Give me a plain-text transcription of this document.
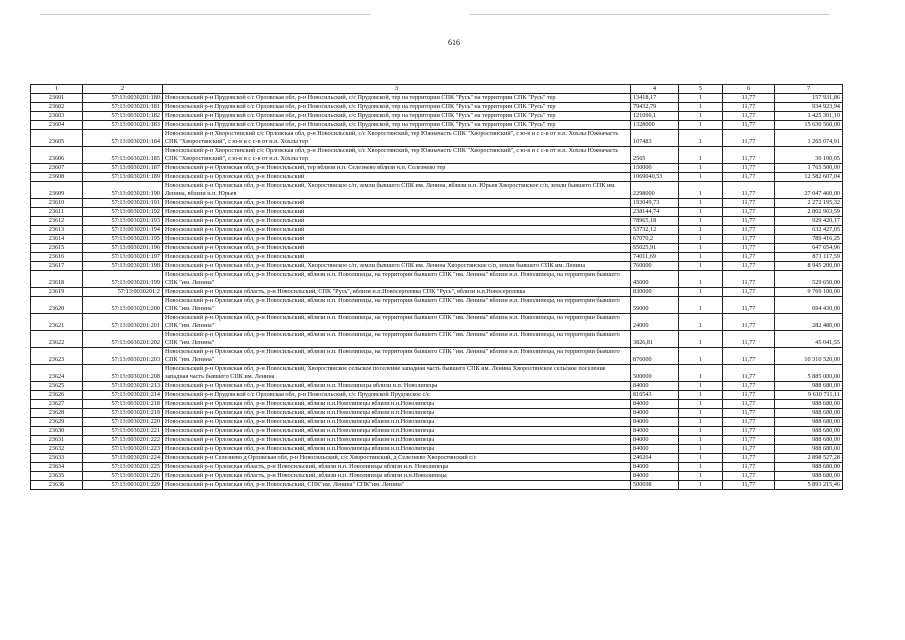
616
1	2	3	4	5	6	7
23601	57:13:0030201:180	Новосильский р-н Прудовской с/с Орловская обл, р-н Новосильский, с/с Прудовской, тер на территории СПК "Русь" на территории СПК "Русь" тер	13418,17	1	11,77	157 931,86
23602	57:13:0030201:181	Новосильский р-н Прудовской с/с Орловская обл, р-н Новосильский, с/с Прудовской, тер на территории СПК "Русь" на территории СПК "Русь" тер	79432,79	1	11,77	934 923,94
23603	57:13:0030201:182	Новосильский р-н Прудовской с/с Орловская обл, р-н Новосильский, с/с Прудовской, тер на территории СПК "Русь" на территории СПК "Русь" тер	121096,1	1	11,77	1 425 301,10
23604	57:13:0030201:183	Новосильский р-н Прудовской с/с Орловская обл, р-н Новосильский, с/с Прудовской, тер на территории СПК "Русь" на территории СПК "Русь" тер	1328000	1	11,77	15 630 560,00
23605	57:13:0030201:184	Новосильский р-н Хворостянский с/с Орловская обл, р-н Новосильский, с/с Хворостянский, тер Южначасть СПК "Хворостянский", с ю-в и с с-в от н.п. Хохлы Южначасть СПК "Хворостянский", с ю-в и с с-в от н.п. Хохлы тер	107483	1	11,77	1 265 074,91
23606	57:13:0030201:185	Новосильский р-н Хворостянский с/с Орловская обл, р-н Новосильский, с/с Хворостянский, тер Южначасть СПК "Хворостянский", с ю-в и с с-в от н.п. Хохлы Южначасть СПК "Хворостянский", с ю-в и с с-в от н.п. Хохлы тер	2565	1	11,77	30 190,05
23607	57:13:0030201:187	Новосильский р-н Орловская обл, р-н Новосильский, тер вблизи н.п. Селезнево вблизи н.п. Селезнево тер	150000	1	11,77	1 765 500,00
23608	57:13:0030201:189	Новосильский р-н Орловская обл, р-н Новосильский	1069040,53	1	11,77	12 582 607,04
23609	57:13:0030201:190	Новосильский р-н Орловская обл, р-н Новосильский, Хворостянское с/п, земли бывшего СПК им. Ленина, вблизи н.п. Юрьев Хворостянское с/п, земли бывшего СПК им. Ленина, вблизи н.п. Юрьев	2298000	1	11,77	27 047 460,00
23610	57:13:0030201:191	Новосильский р-н Орловская обл, р-н Новосильский	193049,73	1	11,77	2 272 195,32
23611	57:13:0030201:192	Новосильский р-н Орловская обл, р-н Новосильский	238144,74	1	11,77	2 802 963,59
23612	57:13:0030201:193	Новосильский р-н Орловская обл, р-н Новосильский	78965,18	1	11,77	929 420,17
23613	57:13:0030201:194	Новосильский р-н Орловская обл, р-н Новосильский	53732,12	1	11,77	632 427,05
23614	57:13:0030201:195	Новосильский р-н Орловская обл, р-н Новосильский	67070,2	1	11,77	789 416,25
23615	57:13:0030201:196	Новосильский р-н Орловская обл, р-н Новосильский	55025,91	1	11,77	647 654,96
23616	57:13:0030201:197	Новосильский р-н Орловская обл, р-н Новосильский	74011,69	1	11,77	871 117,59
23617	57:13:0030201:198	Новосильский р-н Орловская обл, р-н Новосильский, Хворостянское с/п, земли бывшего СПК им. Ленина Хворостянское с/п, земли бывшего СПК им. Ленина	760000	1	11,77	8 945 200,00
23618	57:13:0030201:199	Новосильский р-н Орловская обл, р-н Новосильский, вблизи н.п. Новолипецы, на территории бывшего СПК "им. Ленина" вблизи н.п. Новолипецы, на территории бывшего СПК "им. Ленина"	45000	1	11,77	529 650,00
23619	57:13:0030201:2	Новосильский р-н Орловская область, р-н Новосильский, СПК "Русь", вблизи н.п.Новосергеевка СПК "Русь", вблизи н.п.Новосергеевка	830000	1	11,77	9 769 100,00
23620	57:13:0030201:200	Новосильский р-н Орловская обл, р-н Новосильский, вблизи н.п. Новолипецы, на территории бывшего СПК "им. Ленина" вблизи н.п. Новолипецы, на территории бывшего СПК "им. Ленина"	59000	1	11,77	694 430,00
23621	57:13:0030201:201	Новосильский р-н Орловская обл, р-н Новосильский, вблизи н.п. Новолипецы, на территории бывшего СПК "им. Ленина" вблизи н.п. Новолипецы, на территории бывшего СПК "им. Ленина"	24000	1	11,77	282 480,00
23622	57:13:0030201:202	Новосильский р-н Орловская обл, р-н Новосильский, вблизи н.п. Новолипецы, на территории бывшего СПК "им. Ленина" вблизи н.п. Новолипецы, на территории бывшего СПК "им. Ленина"	3826,81	1	11,77	45 041,55
23623	57:13:0030201:203	Новосильский р-н Орловская обл, р-н Новосильский, вблизи н.п. Новолипецы, на территории бывшего СПК "им. Ленина" вблизи н.п. Новолипецы, на территории бывшего СПК "им. Ленина"	876000	1	11,77	10 310 520,00
23624	57:13:0030201:208	Новосильский р-н Орловская обл, р-н Новосильский, Хворостянское сельское поселение западная часть бывшего СПК им. Ленина Хворостянское сельское поселение западная часть бывшего СПК им. Ленина	500000	1	11,77	5 885 000,00
23625	57:13:0030201:213	Новосильский р-н Орловская обл, р-н Новосильский, вблизи н.п. Новолипецы вблизи н.п. Новолипецы	84000	1	11,77	988 680,00
23626	57:13:0030201:214	Новосильский р-н Прудовской с/с Орловская обл, р-н Новосильский, с/с Прудовской Прудовское с/с	816543	1	11,77	9 610 711,11
23627	57:13:0030201:218	Новосильский р-н Орловская обл, р-н Новосильский, вблизи н.п.Новолипецы вблизи н.п.Новолипецы	84000	1	11,77	988 680,00
23628	57:13:0030201:219	Новосильский р-н Орловская обл, р-н Новосильский, вблизи н.п.Новолипецы вблизи н.п.Новолипецы	84000	1	11,77	988 680,00
23629	57:13:0030201:220	Новосильский р-н Орловская обл, р-н Новосильский, вблизи н.п.Новолипецы вблизи н.п.Новолипецы	84000	1	11,77	988 680,00
23630	57:13:0030201:221	Новосильский р-н Орловская обл, р-н Новосильский, вблизи н.п.Новолипецы вблизи н.п.Новолипецы	84000	1	11,77	988 680,00
23631	57:13:0030201:222	Новосильский р-н Орловская обл, р-н Новосильский, вблизи н.п.Новолипецы вблизи н.п.Новолипецы	84000	1	11,77	988 680,00
23632	57:13:0030201:223	Новосильский р-н Орловская обл, р-н Новосильский, вблизи н.п.Новолипецы вблизи н.п.Новолипецы	84000	1	11,77	988 680,00
23633	57:13:0030201:224	Новосильский р-н Селезнево д Орловская обл, р-н Новосильский, с/с Хворостянский, д Селезнево Хворостянский с/с	246264	1	11,77	2 898 527,28
23634	57:13:0030201:225	Новосильский р-н Орловская область, р-н Новосильский, вблизи н.п. Новолипецы вблизи н.п. Новолипецы	84000	1	11,77	988 680,00
23635	57:13:0030201:226	Новосильский р-н Орловская область, р-н Новосильский, вблизи н.п. Новолипецы вблизи н.п.Новолипецы	84000	1	11,77	988 680,00
23636	57:13:0030201:229	Новосильский р-н Орловская обл, р-н Новосильский, СПК"им. Ленина" СПК"им. Ленина"	500698	1	11,77	5 893 215,46
